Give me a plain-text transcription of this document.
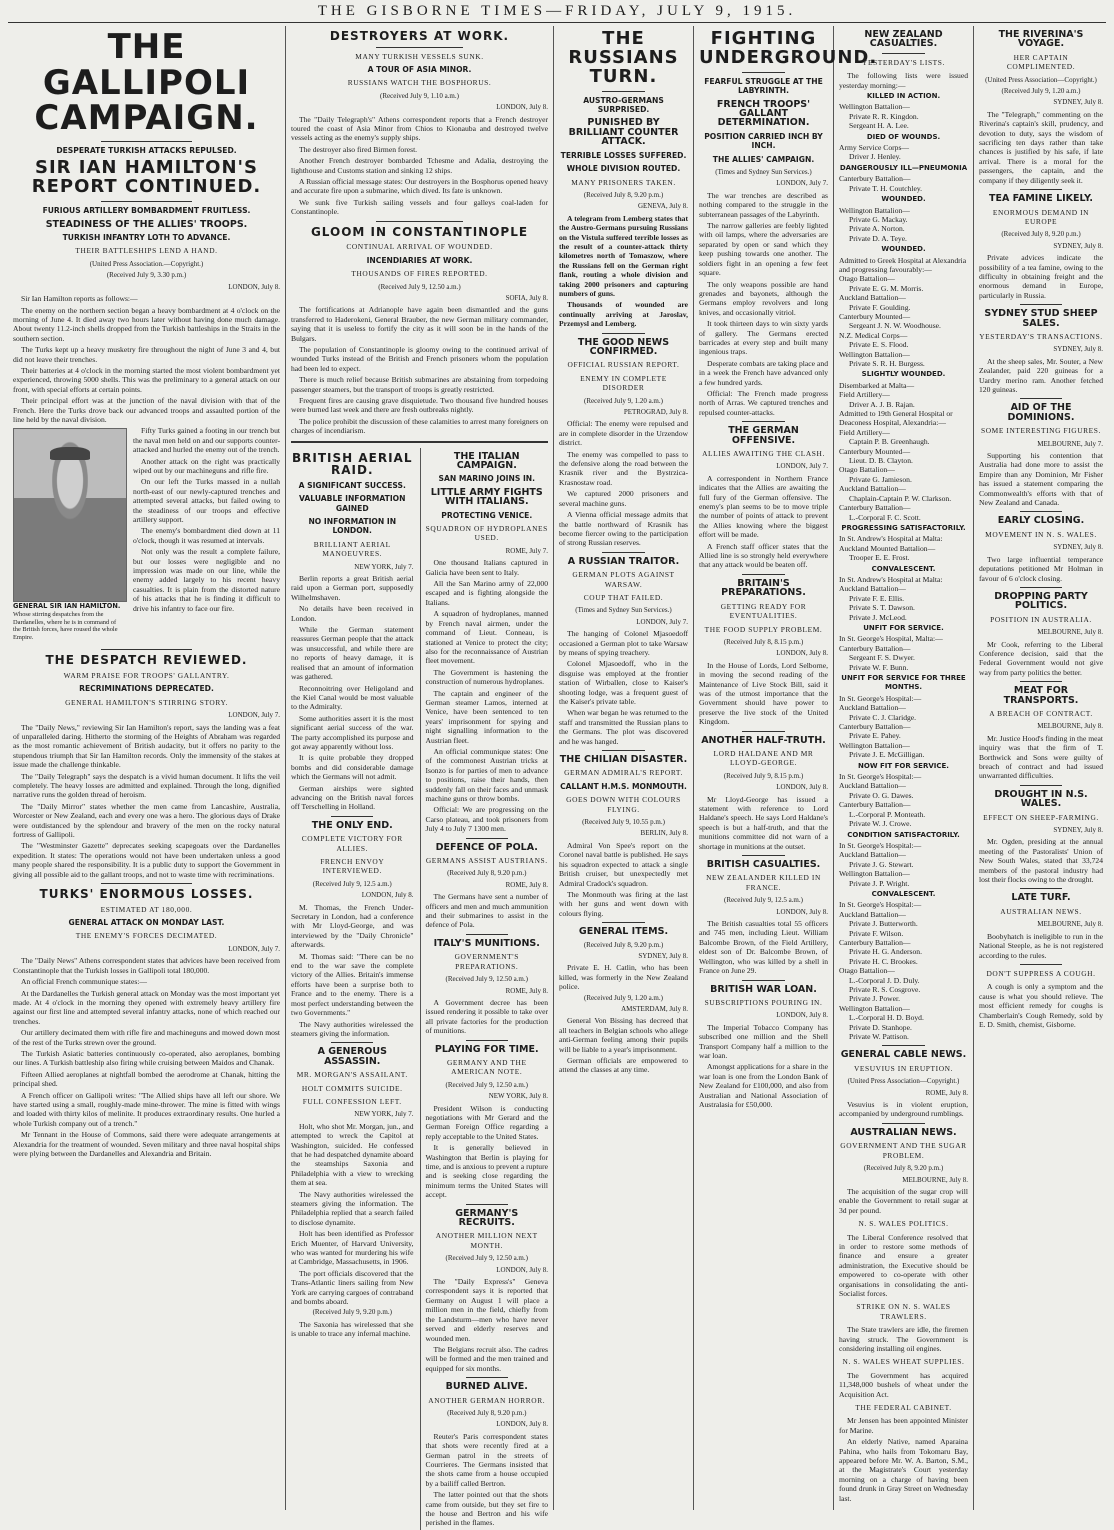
THE GISBORNE TIMES—FRIDAY, JULY 9, 1915.
THE GALLIPOLI CAMPAIGN.
DESPERATE TURKISH ATTACKS REPULSED.
SIR IAN HAMILTON'S REPORT CONTINUED.
FURIOUS ARTILLERY BOMBARDMENT FRUITLESS.
STEADINESS OF THE ALLIES' TROOPS.
TURKISH INFANTRY LOTH TO ADVANCE.
THEIR BATTLESHIPS LEND A HAND.

(United Press Association.—Copyright.)

(Received July 9, 3.30 p.m.)

LONDON, July 8.

Sir Ian Hamilton reports as follows:—

The enemy on the northern section began a heavy bombardment at 4 o'clock on the morning of June 4. It died away two hours later without having done much damage. About twenty 11.2-inch shells dropped from the Turkish battleships in the Straits in the southern section.

The Turks kept up a heavy musketry fire throughout the night of June 3 and 4, but did not leave their trenches.

Their batteries at 4 o'clock in the morning started the most violent bombardment yet experienced, throwing 5000 shells. This was the preliminary to a general attack on our front, with special efforts at certain points.

Their principal effort was at the junction of the naval division with that of the French. Here the Turks drove back our advanced troops and assaulted portion of the line held by the naval division.

Fifty Turks gained a footing in our trench but the naval men held on and our supports counter-attacked and hurled the enemy out of the trench.

Another attack on the right was practically wiped out by our machineguns and rifle fire.

On our left the Turks massed in a nullah north-east of our newly-captured trenches and attempted several attacks, but failed owing to the steadiness of our troops and effective artillery support.

The enemy's bombardment died down at 11 o'clock, though it was resumed at intervals.

GENERAL SIR IAN HAMILTON.
Whose stirring despatches from the Dardanelles, where he is in command of the British forces, have roused the whole Empire.

Not only was the result a complete failure, but our losses were negligible and no impression was made on our line, while the enemy added largely to his recent heavy casualties. It is plain from the distorted nature of his attacks that he is finding it difficult to drive his infantry to face our fire.

THE DESPATCH REVIEWED.
WARM PRAISE FOR TROOPS' GALLANTRY.
RECRIMINATIONS DEPRECATED.
GENERAL HAMILTON'S STIRRING STORY.

LONDON, July 7.

The "Daily News," reviewing Sir Ian Hamilton's report, says the landing was a feat of unparalleled daring. Hitherto the storming of the Heights of Abraham was regarded as the most romantic achievement of British audacity, but it offers no parity to the stupendous triumph that Sir Ian Hamilton records. Only the immensity of the stakes at issue made the challenge thinkable.

The "Daily Telegraph" says the despatch is a vivid human document. It lifts the veil completely. The heavy losses are admitted and explained. Through the long, dignified narrative runs the golden thread of heroism.

The "Daily Mirror" states whether the men came from Lancashire, Australia, Worcester or New Zealand, each and every one was a hero. The glorious days of Drake were outdistanced by the splendour and bravery of the men on the rocky natural fortress of Gallipoli.

The "Westminster Gazette" deprecates seeking scapegoats over the Dardanelles expedition. It states: The operations would not have been undertaken unless a good many people shared the responsibility. It is a public duty to support the Government in giving all possible aid to the gallant troops, and not to waste time with recriminations.

TURKS' ENORMOUS LOSSES.
ESTIMATED AT 180,000.
GENERAL ATTACK ON MONDAY LAST.
THE ENEMY'S FORCES DECIMATED.

LONDON, July 7.

The "Daily News" Athens correspondent states that advices have been received from Constantinople that the Turkish losses in Gallipoli total 180,000.

An official French communique states:—

At the Dardanelles the Turkish general attack on Monday was the most important yet made. At 4 o'clock in the morning they opened with extremely heavy artillery fire against our first line and attempted several infantry attacks, none of which reached our trenches.

Our artillery decimated them with rifle fire and machineguns and mowed down most of the rest of the Turks strewn over the ground.

The Turkish Asiatic batteries continuously co-operated, also aeroplanes, bombing our lines. A Turkish battleship also firing while cruising between Maidos and Chanak.

Fifteen Allied aeroplanes at nightfall bombed the aerodrome at Chanak, hitting the principal shed.

A French officer on Gallipoli writes: "The Allied ships have all left our shore. We have started using a small, roughly-made mine-thrower. The mine is fitted with wings and loaded with thirty kilos of melinite. It produces extraordinary results. One hurled a whole Turkish company out of a trench."

Mr Tennant in the House of Commons, said there were adequate arrangements at Alexandria for the treatment of wounded. Seven military and three naval hospital ships were plying between the Dardanelles and Alexandria and Britain.

DESTROYERS AT WORK.
MANY TURKISH VESSELS SUNK.
A TOUR OF ASIA MINOR.
RUSSIANS WATCH THE BOSPHORUS.

(Received July 9, 1.10 a.m.)

LONDON, July 8.

The "Daily Telegraph's" Athens correspondent reports that a French destroyer toured the coast of Asia Minor from Chios to Kionauba and destroyed twelve vessels acting as the enemy's supply ships.

The destroyer also fired Birmen forest.

Another French destroyer bombarded Tchesme and Adalia, destroying the lighthouse and Customs station and sinking 12 ships.

A Russian official message states: Our destroyers in the Bosphorus opened heavy and accurate fire upon a submarine, which dived. Its fate is unknown.

We sunk five Turkish sailing vessels and four galleys coal-laden for Constantinople.

GLOOM IN CONSTANTINOPLE
CONTINUAL ARRIVAL OF WOUNDED.
INCENDIARIES AT WORK.
THOUSANDS OF FIRES REPORTED.

(Received July 9, 12.50 a.m.)

SOFIA, July 8.

The fortifications at Adrianople have again been dismantled and the guns transferred to Haderokeni, General Brauber, the new German military commander, saying that it is useless to fortify the city as it will soon be in the hands of the Bulgars.

The population of Constantinople is gloomy owing to the continued arrival of wounded Turks instead of the British and French prisoners whom the population had been led to expect.

There is much relief because British submarines are abstaining from torpedoing passenger steamers, but the transport of troops is greatly restricted.

Frequent fires are causing grave disquietude. Two thousand five hundred houses were burned last week and there are fresh outbreaks nightly.

The police prohibit the discussion of these calamities to arrest many foreigners on charges of incendiarism.

BRITISH AERIAL RAID.
A SIGNIFICANT SUCCESS.
VALUABLE INFORMATION GAINED
NO INFORMATION IN LONDON.
BRILLIANT AERIAL MANOEUVRES.

NEW YORK, July 7.

Berlin reports a great British aerial raid upon a German port, supposedly Wilhelmshaven.

No details have been received in London.

While the German statement reassures German people that the attack was unsuccessful, and while there are no reports of heavy damage, it is realised that an amount of information was gathered.

Reconnoitring over Heligoland and the Kiel Canal would be most valuable to the Admiralty.

Some authorities assert it is the most significant aerial success of the war. The party accomplished its purpose and got away apparently without loss.

It is quite probable they dropped bombs and did considerable damage which the Germans will not admit.

German airships were sighted advancing on the British naval forces off Terschelling in Holland.

THE ONLY END.
COMPLETE VICTORY FOR ALLIES.
FRENCH ENVOY INTERVIEWED.

(Received July 9, 12.5 a.m.)

LONDON, July 8.

M. Thomas, the French Under-Secretary in London, had a conference with Mr Lloyd-George, and was interviewed by the "Daily Chronicle" afterwards.

M. Thomas said: "There can be no end to the war save the complete victory of the Allies. Britain's immense efforts have been a surprise both to France and to the enemy. There is a most perfect understanding between the two Governments."

The Navy authorities wirelessed the steamers giving the information.

A GENEROUS ASSASSIN.
MR. MORGAN'S ASSAILANT.
HOLT COMMITS SUICIDE.
FULL CONFESSION LEFT.

NEW YORK, July 7.

Holt, who shot Mr. Morgan, jun., and attempted to wreck the Capitol at Washington, suicided. He confessed that he had despatched dynamite aboard the steamships Saxonia and Philadelphia with a view to wrecking them at sea.

The Navy authorities wirelessed the steamers giving the information. The Philadelphia replied that a search failed to disclose dynamite.

Holt has been identified as Professor Erich Muenter, of Harvard University, who was wanted for murdering his wife at Cambridge, Massachusetts, in 1906.

The port officials discovered that the Trans-Atlantic liners sailing from New York are carrying cargoes of contraband and bombs aboard.

(Received July 9, 9.20 p.m.)

The Saxonia has wirelessed that she is unable to trace any infernal machine.

THE ITALIAN CAMPAIGN.
SAN MARINO JOINS IN.
LITTLE ARMY FIGHTS WITH ITALIANS.
PROTECTING VENICE.
SQUADRON OF HYDROPLANES USED.

ROME, July 7.

One thousand Italians captured in Galicia have been sent to Italy.

All the San Marino army of 22,000 escaped and is fighting alongside the Italians.

A squadron of hydroplanes, manned by French naval airmen, under the command of Lieut. Conneau, is stationed at Venice to protect the city; also for the reconnaissance of Austrian fleet movement.

The Government is hastening the construction of numerous hydroplanes.

The captain and engineer of the German steamer Lamos, interned at Venice, have been sentenced to ten years' imprisonment for spying and night signalling information to the Austrian fleet.

An official communique states: One of the commonest Austrian tricks at Isonzo is for parties of men to advance to positions, raise their hands, then suddenly fall on their faces and unmask machine guns or throw bombs.

Official: We are progressing on the Carso plateau, and took prisoners from July 4 to July 7 1300 men.

DEFENCE OF POLA.
GERMANS ASSIST AUSTRIANS.

(Received July 8, 9.20 p.m.)

ROME, July 8.

The Germans have sent a number of officers and men and much ammunition and their submarines to assist in the defence of Pola.

ITALY'S MUNITIONS.
GOVERNMENT'S PREPARATIONS.

(Received July 9, 12.50 a.m.)

ROME, July 8.

A Government decree has been issued rendering it possible to take over all private factories for the production of munitions.

PLAYING FOR TIME.
GERMANY AND THE AMERICAN NOTE.

(Received July 9, 12.50 a.m.)

NEW YORK, July 8.

President Wilson is conducting negotiations with Mr Gerard and the German Foreign Office regarding a reply acceptable to the United States.

It is generally believed in Washington that Berlin is playing for time, and is anxious to prevent a rupture and is seeking close regarding the minimum terms the United States will accept.

GERMANY'S RECRUITS.
ANOTHER MILLION NEXT MONTH.

(Received July 9, 12.50 a.m.)

LONDON, July 8.

The "Daily Express's" Geneva correspondent says it is reported that Germany on August 1 will place a million men in the field, chiefly from the Landsturm—men who have never served and elderly reserves and wounded men.

The Belgians recruit also. The cadres will be formed and the men trained and equipped for six months.

BURNED ALIVE.
ANOTHER GERMAN HORROR.

(Received July 8, 9.20 p.m.)

LONDON, July 8.

Reuter's Paris correspondent states that shots were recently fired at a German patrol in the streets of Courrieres. The Germans insisted that the shots came from a house occupied by a bailiff called Bertron.

The latter pointed out that the shots came from outside, but they set fire to the house and Bertron and his wife perished in the flames.

THE RUSSIANS TURN.
AUSTRO-GERMANS SURPRISED.
PUNISHED BY BRILLIANT COUNTER ATTACK.
TERRIBLE LOSSES SUFFERED.
WHOLE DIVISION ROUTED.
MANY PRISONERS TAKEN.

(Received July 8, 9.20 p.m.)

GENEVA, July 8.

A telegram from Lemberg states that the Austro-Germans pursuing Russians on the Vistula suffered terrible losses as the result of a counter-attack thirty kilometres north of Tomaszow, where the Russians fell on the German right flank, routing a whole division and taking 2000 prisoners and capturing numbers of guns.

Thousands of wounded are continually arriving at Jaroslav, Przemysl and Lemberg.

THE GOOD NEWS CONFIRMED.
OFFICIAL RUSSIAN REPORT.
ENEMY IN COMPLETE DISORDER

(Received July 9, 1.20 a.m.)

PETROGRAD, July 8.

Official: The enemy were repulsed and are in complete disorder in the Urzendow district.

The enemy was compelled to pass to the defensive along the road between the Krasnik river and the Bystrzica-Krasnostaw road.

We captured 2000 prisoners and several machine guns.

A Vienna official message admits that the battle northward of Krasnik has become fiercer owing to the participation of strong Russian reserves.

A RUSSIAN TRAITOR.
GERMAN PLOTS AGAINST WARSAW.
COUP THAT FAILED.

(Times and Sydney Sun Services.)

LONDON, July 7.

The hanging of Colonel Mjasoedoff occasioned a German plot to take Warsaw by means of spying treachery.

Colonel Mjasoedoff, who in the disguise was employed at the frontier station of Wirballen, close to Kaiser's shooting lodge, was a frequent guest of the Kaiser's private table.

When war began he was returned to the staff and transmitted the Russian plans to the Germans. The plot was discovered and he was hanged.

THE CHILIAN DISASTER.
GERMAN ADMIRAL'S REPORT.
CALLANT H.M.S. MONMOUTH.
GOES DOWN WITH COLOURS FLYING.

(Received July 9, 10.55 p.m.)

BERLIN, July 8.

Admiral Von Spee's report on the Coronel naval battle is published. He says his squadron expected to attack a single British cruiser, but unexpectedly met Admiral Cradock's squadron.

The Monmouth was firing at the last with her guns and went down with colours flying.

GENERAL ITEMS.

(Received July 8, 9.20 p.m.)

SYDNEY, July 8.

Private E. H. Catlin, who has been killed, was formerly in the New Zealand police.

(Received July 9, 1.20 a.m.)

AMSTERDAM, July 8.

General Von Bissing has decreed that all teachers in Belgian schools who allege anti-German feeling among their pupils will be liable to a year's imprisonment.

German officials are empowered to attend the classes at any time.

FIGHTING UNDERGROUND.
FEARFUL STRUGGLE AT THE LABYRINTH.
FRENCH TROOPS' GALLANT DETERMINATION.
POSITION CARRIED INCH BY INCH.
THE ALLIES' CAMPAIGN.

(Times and Sydney Sun Services.)

LONDON, July 7.

The war trenches are described as nothing compared to the struggle in the subterranean passages of the Labyrinth.

The narrow galleries are feebly lighted with oil lamps, where the adversaries are separated by open or sand which they keep pushing towards one another. The soldiers fight in an opening a few feet square.

The only weapons possible are hand grenades and bayonets, although the Germans employ revolvers and long knives, and occasionally vitriol.

It took thirteen days to win sixty yards of gallery. The Germans erected barricades at every step and built many ingenious traps.

Desperate combats are taking place and in a week the French have advanced only a few hundred yards.

Official: The French made progress north of Arras. We captured trenches and repulsed counter-attacks.

THE GERMAN OFFENSIVE.
ALLIES AWAITING THE CLASH.

LONDON, July 7.

A correspondent in Northern France indicates that the Allies are awaiting the full fury of the German offensive. The enemy's plan seems to be to move triple the number of points of attack to prevent the Allies knowing where the biggest effort will be made.

A French staff officer states that the Allied line is so strongly held everywhere that any attack would be beaten off.

BRITAIN'S PREPARATIONS.
GETTING READY FOR EVENTUALITIES.
THE FOOD SUPPLY PROBLEM.

(Received July 8, 8.15 p.m.)

LONDON, July 8.

In the House of Lords, Lord Selborne, in moving the second reading of the Maintenance of Live Stock Bill, said it was of the utmost importance that the Government should have power to preserve the live stock of the United Kingdom.

ANOTHER HALF-TRUTH.
LORD HALDANE AND MR LLOYD-GEORGE.

(Received July 9, 8.15 p.m.)

LONDON, July 8.

Mr Lloyd-George has issued a statement with reference to Lord Haldane's speech. He says Lord Haldane's speech is but a half-truth, and that the munitions committee did not warn of a shortage in munitions at the outset.

BRITISH CASUALTIES.
NEW ZEALANDER KILLED IN FRANCE.

(Received July 9, 12.5 a.m.)

LONDON, July 8.

The British casualties total 55 officers and 745 men, including Lieut. William Balcombe Brown, of the Field Artillery, eldest son of Dr. Balcombe Brown, of Wellington, who was killed by a shell in France on June 29.

BRITISH WAR LOAN.
SUBSCRIPTIONS POURING IN.

LONDON, July 8.

The Imperial Tobacco Company has subscribed one million and the Shell Transport Company half a million to the war loan.

Amongst applications for a share in the war loan is one from the London Bank of New Zealand for £100,000, and also from Australian and National Association of Australasia for £50,000.

NEW ZEALAND CASUALTIES.
YESTERDAY'S LISTS.

The following lists were issued yesterday morning:—

KILLED IN ACTION.

Wellington Battalion—

Private R. R. Kingdon.

Sergeant H. A. Lee.

DIED OF WOUNDS.

Army Service Corps—

Driver J. Henley.

DANGEROUSLY ILL—PNEUMONIA

Canterbury Battalion—

Private T. H. Coutchley.

WOUNDED.

Wellington Battalion—

Private G. Mackay.

Private A. Norton.

Private D. A. Teye.

WOUNDED.

Admitted to Greek Hospital at Alexandria and progressing favourably:—

Otago Battalion—

Private E. G. M. Morris.

Auckland Battalion—

Private F. Goulding.

Canterbury Mounted—

Sergeant J. N. W. Woodhouse.

N.Z. Medical Corps—

Private E. S. Flood.

Wellington Battalion—

Private S. R. H. Burgess.

SLIGHTLY WOUNDED.

Disembarked at Malta—

Field Artillery—

Driver A. J. B. Rajan.

Admitted to 19th General Hospital or Deaconess Hospital, Alexandria:—

Field Artillery—

Captain P. B. Greenhaugh.

Canterbury Mounted—

Lieut. D. B. Clayton.

Otago Battalion—

Private G. Jamieson.

Auckland Battalion—

Chaplain-Captain P. W. Clarkson.

Canterbury Battalion—

L.-Corporal F. C. Scott.

PROGRESSING SATISFACTORILY.

In St. Andrew's Hospital at Malta:

Auckland Mounted Battalion—

Trooper E. E. Frost.

CONVALESCENT.

In St. Andrew's Hospital at Malta:

Auckland Battalion—

Private F. E. Ellis.

Private S. T. Dawson.

Private J. McLeod.

UNFIT FOR SERVICE.

In St. George's Hospital, Malta:—

Canterbury Battalion—

Sergeant F. S. Dwyer.

Private W. F. Bunn.

UNFIT FOR SERVICE FOR THREE MONTHS.

In St. George's Hospital:—

Auckland Battalion—

Private C. J. Claridge.

Canterbury Battalion—

Private E. Pahey.

Wellington Battalion—

Private J. E. McGilligan.

NOW FIT FOR SERVICE.

In St. George's Hospital:—

Auckland Battalion—

Private O. G. Dawes.

Canterbury Battalion—

L.-Corporal P. Monteath.

Private W. J. Crowe.

CONDITION SATISFACTORILY.

In St. George's Hospital:—

Auckland Battalion—

Private J. G. Stewart.

Wellington Battalion—

Private J. P. Wright.

CONVALESCENT.

In St. George's Hospital:—

Auckland Battalion—

Private J. Butterworth.

Private F. Wilson.

Canterbury Battalion—

Private H. G. Anderson.

Private H. C. Brookes.

Otago Battalion—

L.-Corporal J. D. Duly.

Private R. S. Cosgrove.

Private J. Power.

Wellington Battalion—

L.-Corporal H. D. Boyd.

Private D. Stanhope.

Private W. Pattison.

GENERAL CABLE NEWS.
VESUVIUS IN ERUPTION.

(United Press Association—Copyright.)

ROME, July 8.

Vesuvius is in violent eruption, accompanied by underground rumblings.

AUSTRALIAN NEWS.
GOVERNMENT AND THE SUGAR PROBLEM.

(Received July 8, 9.20 p.m.)

MELBOURNE, July 8.

The acquisition of the sugar crop will enable the Government to retail sugar at 3d per pound.

N. S. WALES POLITICS.

The Liberal Conference resolved that in order to restore some methods of finance and ensure a greater administration, the Executive should be empowered to co-operate with other organisations in consolidating the anti-Socialist forces.

STRIKE ON N. S. WALES TRAWLERS.

The State trawlers are idle, the firemen having struck. The Government is considering installing oil engines.

N. S. WALES WHEAT SUPPLIES.

The Government has acquired 11,348,000 bushels of wheat under the Acquisition Act.

THE FEDERAL CABINET.

Mr Jensen has been appointed Minister for Marine.

An elderly Native, named Aparaina Pahina, who hails from Tokomaru Bay, appeared before Mr. W. A. Barton, S.M., at the Magistrate's Court yesterday morning on a charge of having been found drunk in Gray Street on Wednesday last.

THE RIVERINA'S VOYAGE.
HER CAPTAIN COMPLIMENTED.

(United Press Association—Copyright.)

(Received July 9, 1.20 a.m.)

SYDNEY, July 8.

The "Telegraph," commenting on the Riverina's captain's skill, prudency, and devotion to duty, says the wisdom of sacrificing ten days rather than take chances is justified by his safe, if late arrival. There is a moral for the passengers, the captain, and the company if they diligently seek it.

TEA FAMINE LIKELY.
ENORMOUS DEMAND IN EUROPE

(Received July 8, 9.20 p.m.)

SYDNEY, July 8.

Private advices indicate the possibility of a tea famine, owing to the difficulty in obtaining freight and the enormous demand in Europe, particularly in Russia.

SYDNEY STUD SHEEP SALES.
YESTERDAY'S TRANSACTIONS.

SYDNEY, July 8.

At the sheep sales, Mr. Souter, a New Zealander, paid 220 guineas for a Uardry merino ram. Another fetched 120 guineas.

AID OF THE DOMINIONS.
SOME INTERESTING FIGURES.

MELBOURNE, July 7.

Supporting his contention that Australia had done more to assist the Empire than any Dominion, Mr Fisher has issued a statement comparing the Commonwealth's efforts with that of New Zealand and Canada.

EARLY CLOSING.
MOVEMENT IN N. S. WALES.

SYDNEY, July 8.

Two large influential temperance deputations petitioned Mr Holman in favour of 6 o'clock closing.

DROPPING PARTY POLITICS.
POSITION IN AUSTRALIA.

MELBOURNE, July 8.

Mr Cook, referring to the Liberal Conference decision, said that the Federal Government would not give way from party politics the better.

MEAT FOR TRANSPORTS.
A BREACH OF CONTRACT.

MELBOURNE, July 8.

Mr. Justice Hood's finding in the meat inquiry was that the firm of T. Borthwick and Sons were guilty of breach of contract and had issued unwarranted difficulties.

DROUGHT IN N.S. WALES.
EFFECT ON SHEEP-FARMING.

SYDNEY, July 8.

Mr. Ogden, presiding at the annual meeting of the Pastoralists' Union of New South Wales, stated that 33,724 members of the pastoral industry had lost their flocks owing to the drought.

LATE TURF.
AUSTRALIAN NEWS.

MELBOURNE, July 8.

Boobyhatch is ineligible to run in the National Steeple, as he is not registered according to the rules.

DON'T SUPPRESS A COUGH.

A cough is only a symptom and the cause is what you should relieve. The most efficient remedy for coughs is Chamberlain's Cough Remedy, sold by E. D. Smith, chemist, Gisborne.
